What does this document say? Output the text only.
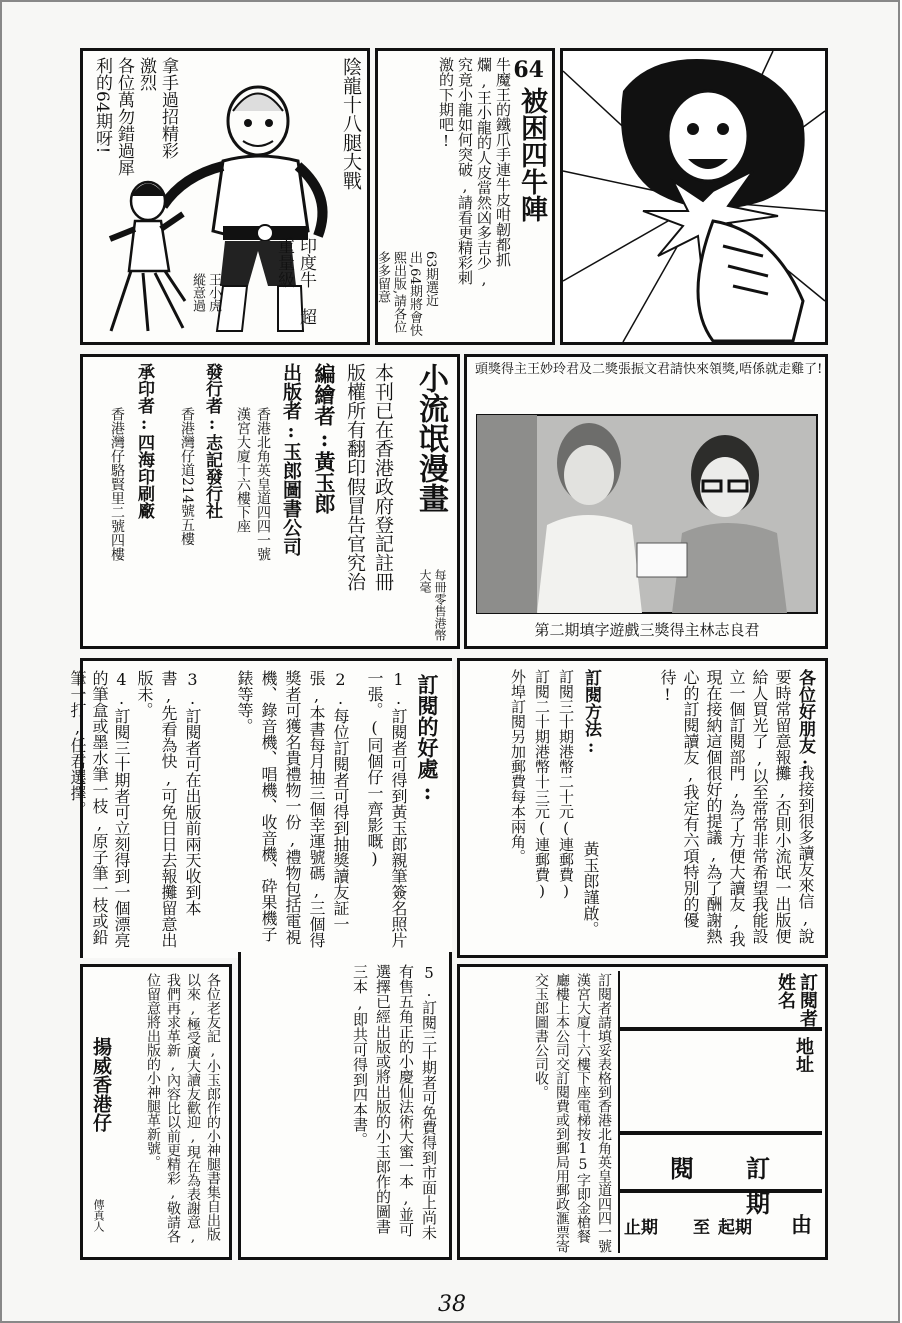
陰龍十八腿大戰
拿手過招精彩激烈
各位萬勿錯過犀利的64期呀!
印度牛 超重量級
王小虎 縱意過
64
被困四牛陣
牛魔王的鐵爪手連牛皮咁韌都抓爛,王小龍的人皮當然凶多吉少,究竟小龍如何突破,請看更精彩刺激的下期吧!
63期選近出,64期將會快熙出版,請各位多多留意
小流氓漫畫
每冊零售港幣大毫
本刊已在香港政府登記註冊
版權所有翻印假冒告官究治
編繪者:黃玉郎
出版者:玉郎圖書公司
香港北角英皇道四四一號
漢宮大廈十六樓下座
發行者:志記發行社
香港灣仔道214號五樓
承印者:四海印刷廠
香港灣仔駱賢里二號四樓
頭獎得主王妙玲君及二獎張振文君請快來領獎,唔係就走雞了!
第二期填字遊戲三獎得主林志良君
訂閱的好處:
1.訂閱者可得到黃玉郎親筆簽名照片一張。(同個仔一齊影嘅)
2.每位訂閱者可得到抽獎讀友証一張,本書每月抽三個幸運號碼,三個得獎者可獲名貴禮物一份,禮物包括電視機、錄音機、唱機、收音機、砕果機子錶等等。
3.訂閱者可在出版前兩天收到本書,先看為快,可免日日去報攤留意出版未。
4.訂閱三十期者可立刻得到一個漂亮的筆盒或墨水筆一枝,原子筆一枝或鉛筆一打,任君選擇。
5.訂閱三十期者可免費得到市面上尚未有售五角正的小慶仙法術大蜜一本,並可選擇已經出版或將出版的小玉郎作的圖書三本,即共可得到四本書。
各位好朋友:
我接到很多讀友來信,說要時常留意報攤,否則小流氓一出版便給人買光了,以至常常非常希望我能設立一個訂閱部門,為了方便大讀友,我現在接納這個很好的提議,為了酬謝熱心的訂閱讀友,我定有六項特別的優待!
訂閱方法:
訂閱三十期港幣二十元(連郵費)
訂閱二十期港幣十三元(連郵費)
外埠訂閱另加郵費每本兩角。
黃玉郎謹啟。
各位老友記,小玉郎作的小神腿書集自出版以來,極受廣大讀友歡迎,現在為表謝意,我們再求革新,內容比以前更精彩,敬請各位留意將出版的小神腿革新號。
揚威香港仔
傳真人	訂閱者請填妥表格到香港北角英皇道四四一號漢宮大廈十六樓下座電梯按15字即金槍餐廳樓上本公司交訂閱費或到郵局用郵政滙票寄交玉郎圖書公司收。	訂閱者姓名
地址
訂閱期
由
期起
至
期止
38
